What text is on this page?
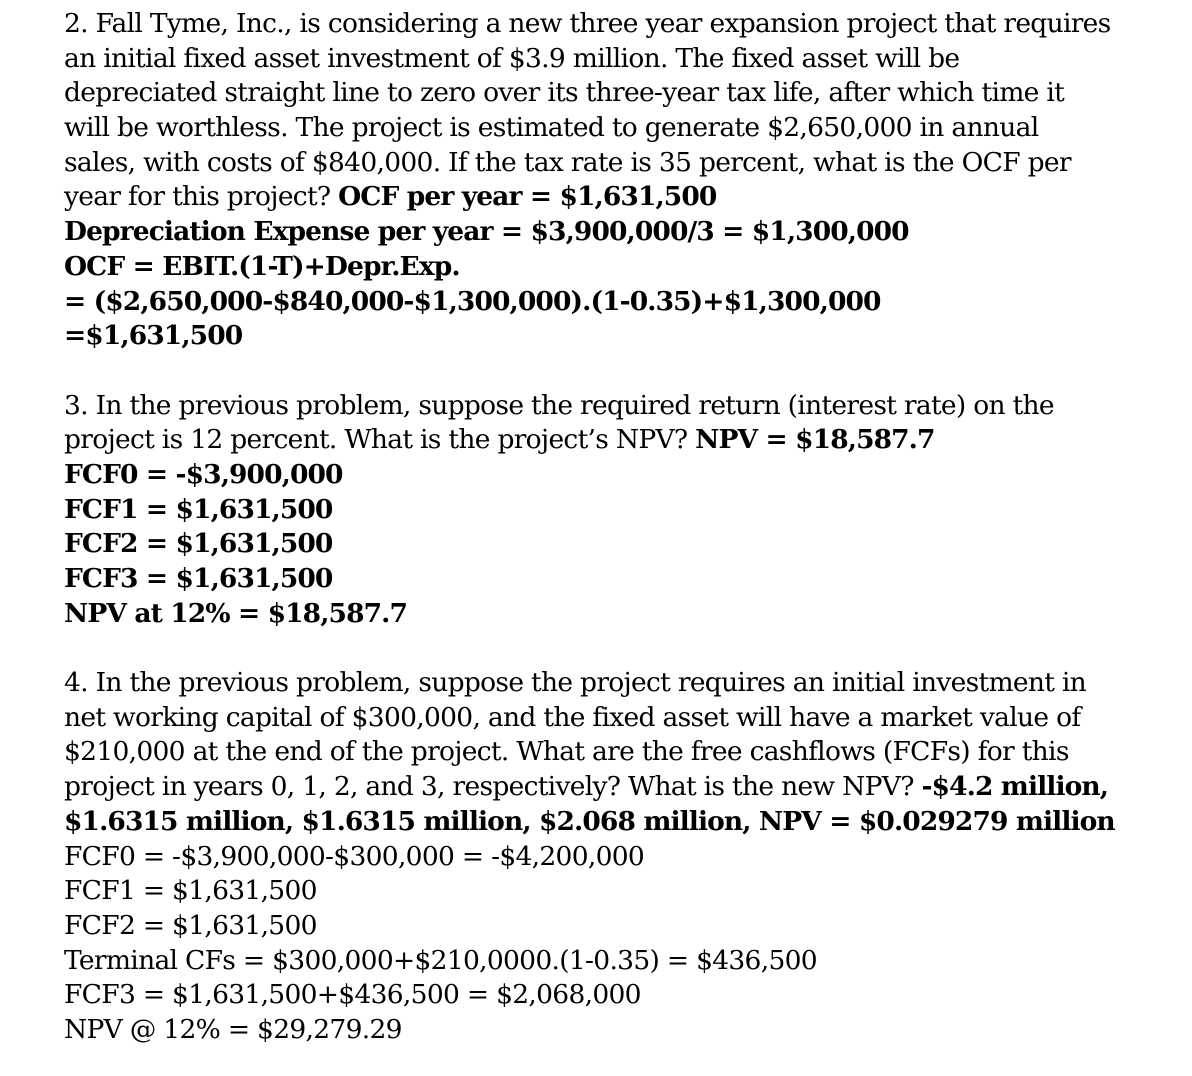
2. Fall Tyme, Inc., is considering a new three year expansion project that requires
an initial fixed asset investment of $3.9 million. The fixed asset will be
depreciated straight line to zero over its three-year tax life, after which time it
will be worthless. The project is estimated to generate $2,650,000 in annual
sales, with costs of $840,000. If the tax rate is 35 percent, what is the OCF per
year for this project? OCF per year = $1,631,500
Depreciation Expense per year = $3,900,000/3 = $1,300,000
OCF = EBIT.(1-T)+Depr.Exp.
= ($2,650,000-$840,000-$1,300,000).(1-0.35)+$1,300,000
=$1,631,500
3. In the previous problem, suppose the required return (interest rate) on the
project is 12 percent. What is the project’s NPV? NPV = $18,587.7
FCF0 = -$3,900,000
FCF1 = $1,631,500
FCF2 = $1,631,500
FCF3 = $1,631,500
NPV at 12% = $18,587.7
4. In the previous problem, suppose the project requires an initial investment in
net working capital of $300,000, and the fixed asset will have a market value of
$210,000 at the end of the project. What are the free cashflows (FCFs) for this
project in years 0, 1, 2, and 3, respectively? What is the new NPV? -$4.2 million,
$1.6315 million, $1.6315 million, $2.068 million, NPV = $0.029279 million
FCF0 = -$3,900,000-$300,000 = -$4,200,000
FCF1 = $1,631,500
FCF2 = $1,631,500
Terminal CFs = $300,000+$210,0000.(1-0.35) = $436,500
FCF3 = $1,631,500+$436,500 = $2,068,000
NPV @ 12% = $29,279.29
